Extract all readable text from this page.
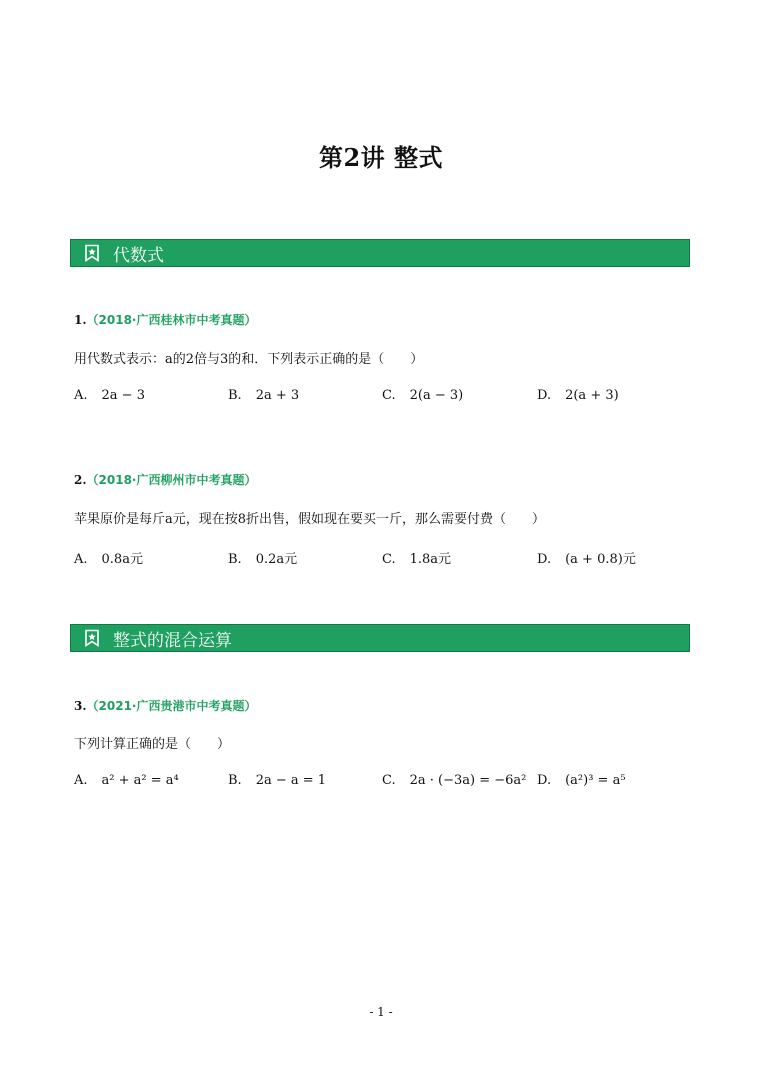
第2讲 整式
代数式
1.（2018·广西桂林市中考真题）
用代数式表示：a的2倍与3的和．下列表示正确的是（　　）
A. 2a − 3	B. 2a + 3	C. 2(a − 3)	D. 2(a + 3)
2.（2018·广西柳州市中考真题）
苹果原价是每斤a元，现在按8折出售，假如现在要买一斤，那么需要付费（　　）
A. 0.8a元	B. 0.2a元	C. 1.8a元	D. (a + 0.8)元
整式的混合运算
3.（2021·广西贵港市中考真题）
下列计算正确的是（　　）
A. a² + a² = a⁴	B. 2a − a = 1	C. 2a · (−3a) = −6a² D. (a²)³ = a⁵
- 1 -
